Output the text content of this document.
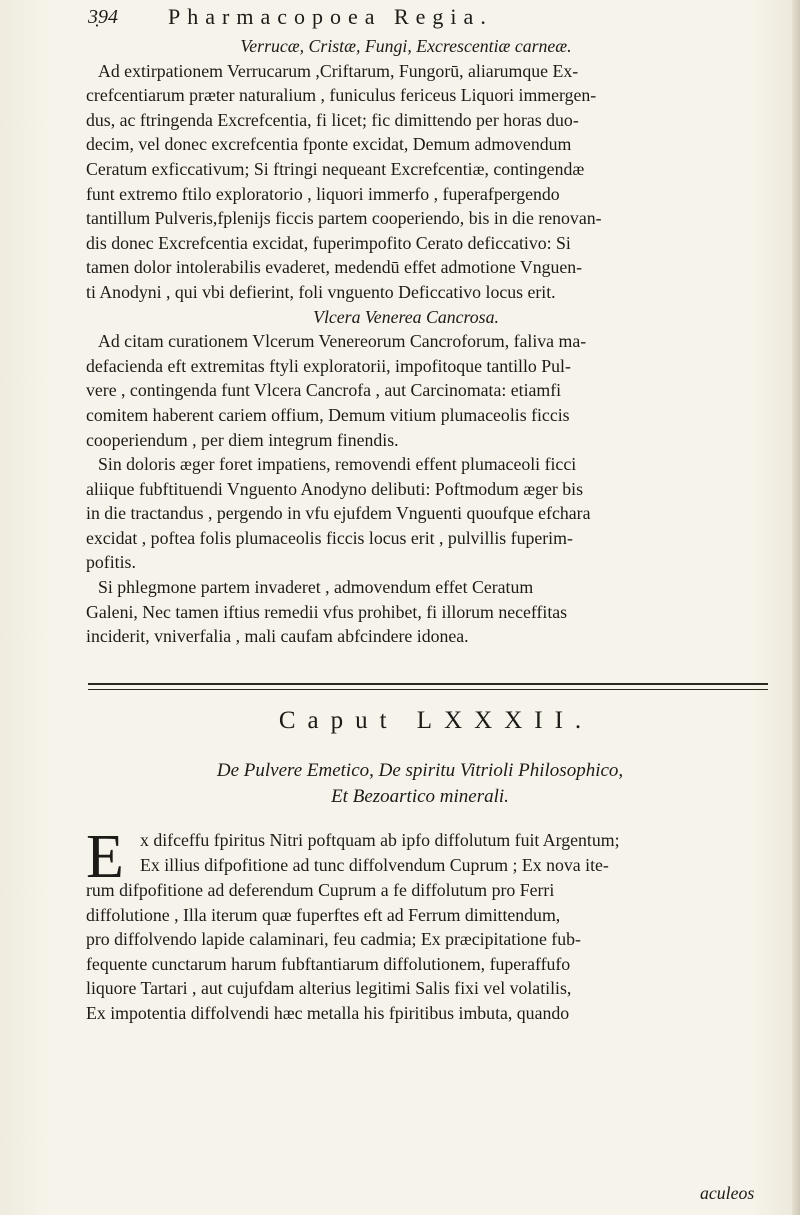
3̣94 Pharmacopoea Regia.
Verrucæ, Cristæ, Fungi, Excrescentiæ carneæ.
Ad extirpationem Verrucarum ,Criftarum, Fungorū, aliarumque Ex-
crefcentiarum præter naturalium , funiculus fericeus Liquori immergen-
dus, ac ftringenda Excrefcentia, fi licet; fic dimittendo per horas duo-
decim, vel donec excrefcentia fponte excidat, Demum admovendum
Ceratum exficcativum; Si ftringi nequeant Excrefcentiæ, contingendæ
funt extremo ftilo exploratorio , liquori immerfo , fuperafpergendo
tantillum Pulveris,fplenijs ficcis partem cooperiendo, bis in die renovan-
dis donec Excrefcentia excidat, fuperimpofito Cerato deficcativo: Si
tamen dolor intolerabilis evaderet, medendū effet admotione Vnguen-
ti Anodyni , qui vbi defierint, foli vnguento Deficcativo locus erit.
Vlcera Venerea Cancrosa.
Ad citam curationem Vlcerum Venereorum Cancroforum, faliva ma-
defacienda eft extremitas ftyli exploratorii, impofitoque tantillo Pul-
vere , contingenda funt Vlcera Cancrofa , aut Carcinomata: etiamfi
comitem haberent cariem offium, Demum vitium plumaceolis ficcis
cooperiendum , per diem integrum finendis.
Sin doloris æger foret impatiens, removendi effent plumaceoli ficci
aliique fubftituendi Vnguento Anodyno delibuti: Poftmodum æger bis
in die tractandus , pergendo in vfu ejufdem Vnguenti quoufque efchara
excidat , poftea folis plumaceolis ficcis locus erit , pulvillis fuperim-
pofitis.
Si phlegmone partem invaderet , admovendum effet Ceratum
Galeni, Nec tamen iftius remedii vfus prohibet, fi illorum neceffitas
inciderit, vniverfalia , mali caufam abfcindere idonea.
Caput LXXXII.
De Pulvere Emetico, De spiritu Vitrioli Philosophico,
Et Bezoartico minerali.
E x difceffu fpiritus Nitri poftquam ab ipfo diffolutum fuit Argentum;
Ex illius difpofitione ad tunc diffolvendum Cuprum ; Ex nova ite-
rum difpofitione ad deferendum Cuprum a fe diffolutum pro Ferri
diffolutione , Illa iterum quæ fuperftes eft ad Ferrum dimittendum,
pro diffolvendo lapide calaminari, feu cadmia; Ex præcipitatione fub-
fequente cunctarum harum fubftantiarum diffolutionem, fuperaffufo
liquore Tartari , aut cujufdam alterius legitimi Salis fixi vel volatilis,
Ex impotentia diffolvendi hæc metalla his fpiritibus imbuta, quando
aculeos
